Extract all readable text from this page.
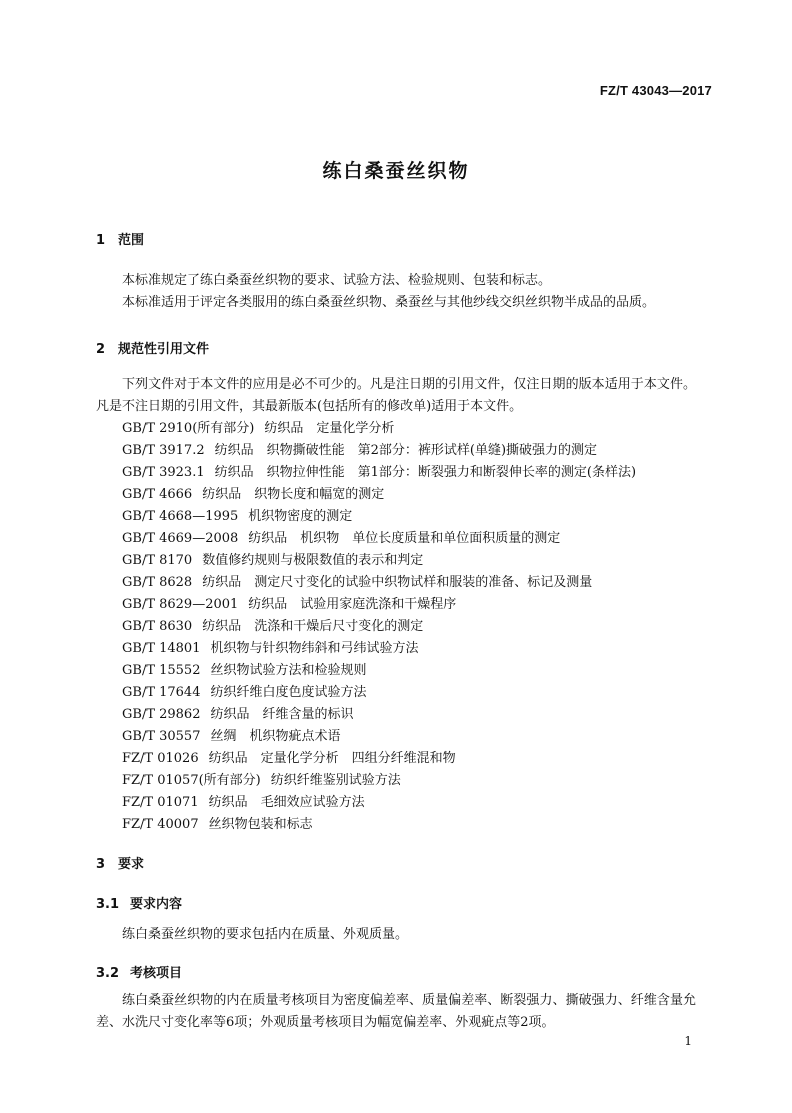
FZ/T 43043—2017
练白桑蚕丝织物
1 范围
本标准规定了练白桑蚕丝织物的要求、试验方法、检验规则、包装和标志。
本标准适用于评定各类服用的练白桑蚕丝织物、桑蚕丝与其他纱线交织丝织物半成品的品质。
2 规范性引用文件
下列文件对于本文件的应用是必不可少的。凡是注日期的引用文件，仅注日期的版本适用于本文件。凡是不注日期的引用文件，其最新版本(包括所有的修改单)适用于本文件。
GB/T 2910(所有部分) 纺织品　定量化学分析
GB/T 3917.2 纺织品　织物撕破性能　第2部分：裤形试样(单缝)撕破强力的测定
GB/T 3923.1 纺织品　织物拉伸性能　第1部分：断裂强力和断裂伸长率的测定(条样法)
GB/T 4666 纺织品　织物长度和幅宽的测定
GB/T 4668—1995 机织物密度的测定
GB/T 4669—2008 纺织品　机织物　单位长度质量和单位面积质量的测定
GB/T 8170 数值修约规则与极限数值的表示和判定
GB/T 8628 纺织品　测定尺寸变化的试验中织物试样和服装的准备、标记及测量
GB/T 8629—2001 纺织品　试验用家庭洗涤和干燥程序
GB/T 8630 纺织品　洗涤和干燥后尺寸变化的测定
GB/T 14801 机织物与针织物纬斜和弓纬试验方法
GB/T 15552 丝织物试验方法和检验规则
GB/T 17644 纺织纤维白度色度试验方法
GB/T 29862 纺织品　纤维含量的标识
GB/T 30557 丝绸　机织物疵点术语
FZ/T 01026 纺织品　定量化学分析　四组分纤维混和物
FZ/T 01057(所有部分) 纺织纤维鉴别试验方法
FZ/T 01071 纺织品　毛细效应试验方法
FZ/T 40007 丝织物包装和标志
3 要求
3.1 要求内容
练白桑蚕丝织物的要求包括内在质量、外观质量。
3.2 考核项目
练白桑蚕丝织物的内在质量考核项目为密度偏差率、质量偏差率、断裂强力、撕破强力、纤维含量允差、水洗尺寸变化率等6项；外观质量考核项目为幅宽偏差率、外观疵点等2项。
1
